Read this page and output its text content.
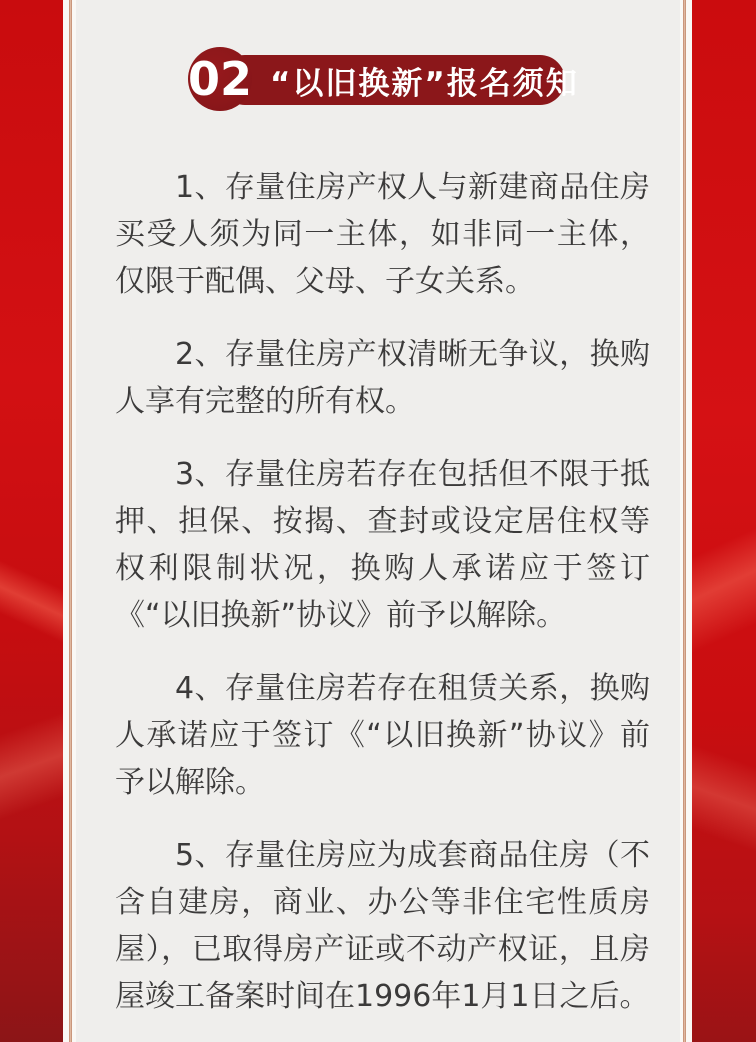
“以旧换新”报名须知
02

1、存量住房产权人与新建商品住房买受人须为同一主体，如非同一主体，仅限于配偶、父母、子女关系。

2、存量住房产权清晰无争议，换购人享有完整的所有权。

3、存量住房若存在包括但不限于抵押、担保、按揭、查封或设定居住权等权利限制状况，换购人承诺应于签订《“以旧换新”协议》前予以解除。

4、存量住房若存在租赁关系，换购人承诺应于签订《“以旧换新”协议》前予以解除。

5、存量住房应为成套商品住房（不含自建房，商业、办公等非住宅性质房屋），已取得房产证或不动产权证，且房屋竣工备案时间在1996年1月1日之后。
